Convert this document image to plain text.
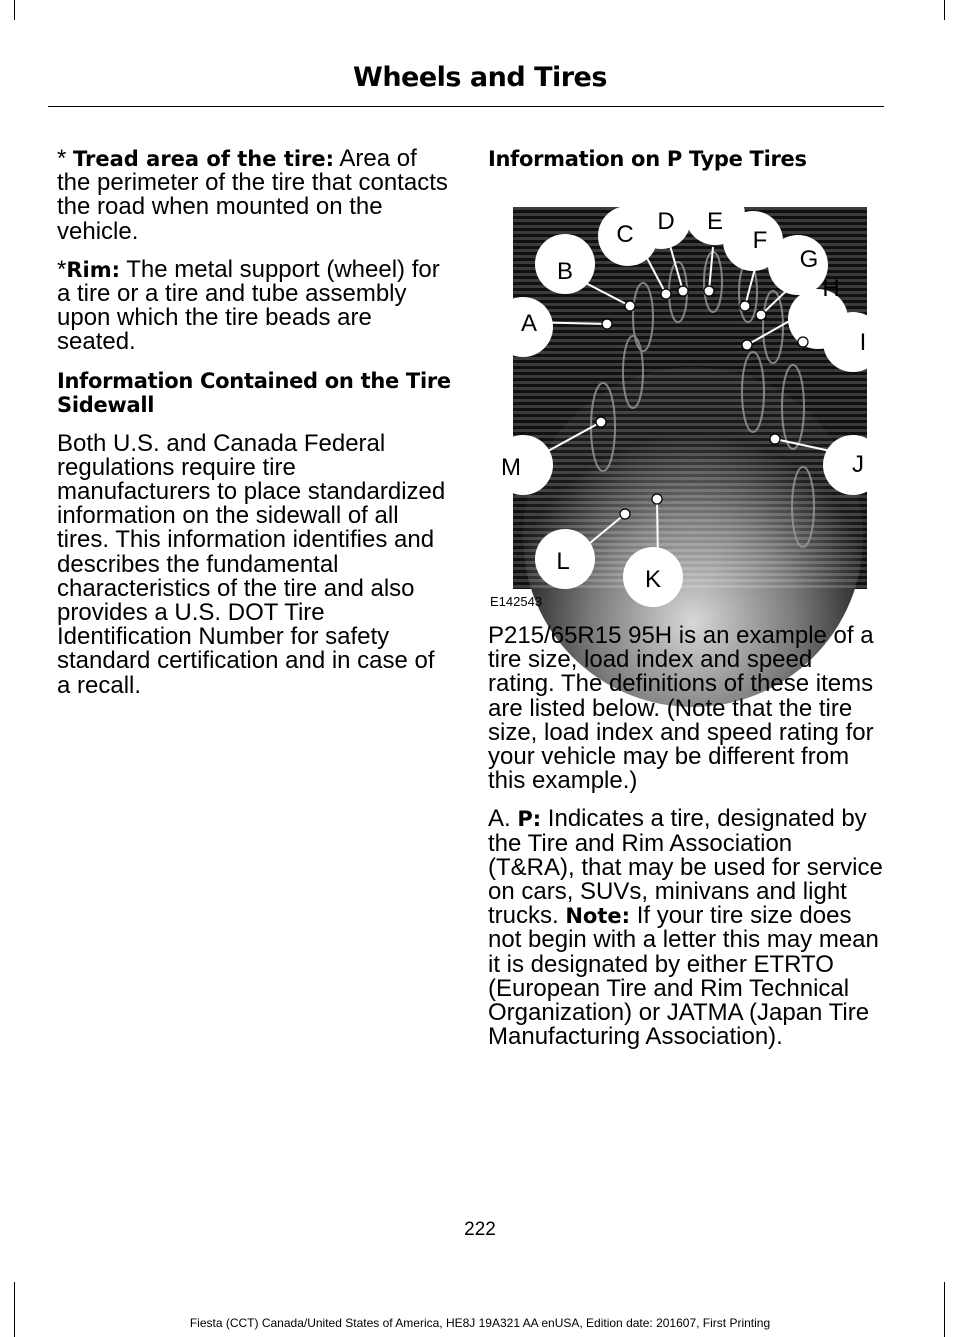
Wheels and Tires

* Tread area of the tire: Area of the perimeter of the tire that contacts the road when mounted on the vehicle.

*Rim: The metal support (wheel) for a tire or a tire and tube assembly upon which the tire beads are seated.

Information Contained on the Tire Sidewall

Both U.S. and Canada Federal regulations require tire manufacturers to place standardized information on the sidewall of all tires. This information identifies and describes the fundamental characteristics of the tire and also provides a U.S. DOT Tire Identification Number for safety standard certification and in case of a recall.

Information on P Type Tires
A
B
C D E
F
G
H
I
J
K
L
M
E142543

P215/65R15 95H is an example of a tire size, load index and speed rating. The definitions of these items are listed below. (Note that the tire size, load index and speed rating for your vehicle may be different from this example.)

A. P: Indicates a tire, designated by the Tire and Rim Association (T&RA), that may be used for service on cars, SUVs, minivans and light trucks. Note: If your tire size does not begin with a letter this may mean it is designated by either ETRTO (European Tire and Rim Technical Organization) or JATMA (Japan Tire Manufacturing Association).

222
Fiesta (CCT) Canada/United States of America, HE8J 19A321 AA enUSA, Edition date: 201607, First Printing
